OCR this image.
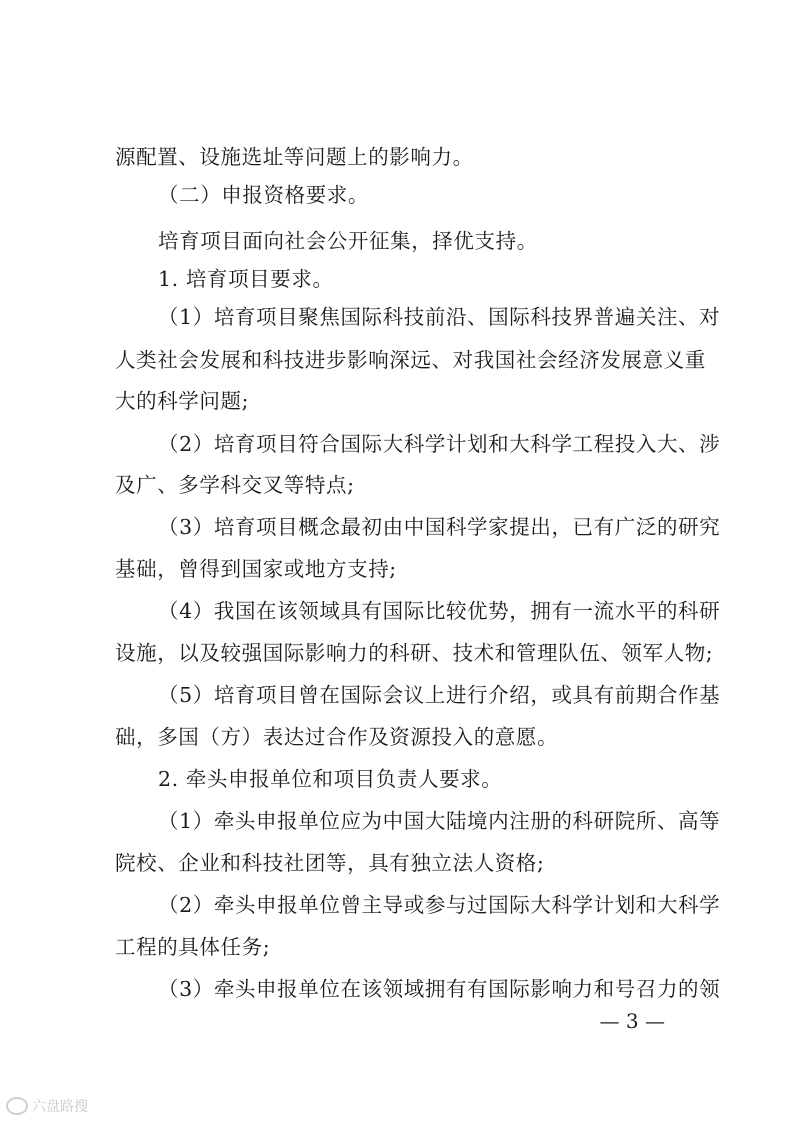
源配置、设施选址等问题上的影响力。
（二）申报资格要求。
培育项目面向社会公开征集，择优支持。
1. 培育项目要求。
（1）培育项目聚焦国际科技前沿、国际科技界普遍关注、对
人类社会发展和科技进步影响深远、对我国社会经济发展意义重
大的科学问题;
（2）培育项目符合国际大科学计划和大科学工程投入大、涉
及广、多学科交叉等特点;
（3）培育项目概念最初由中国科学家提出，已有广泛的研究
基础，曾得到国家或地方支持;
（4）我国在该领域具有国际比较优势，拥有一流水平的科研
设施，以及较强国际影响力的科研、技术和管理队伍、领军人物;
（5）培育项目曾在国际会议上进行介绍，或具有前期合作基
础，多国（方）表达过合作及资源投入的意愿。
2. 牵头申报单位和项目负责人要求。
（1）牵头申报单位应为中国大陆境内注册的科研院所、高等
院校、企业和科技社团等，具有独立法人资格;
（2）牵头申报单位曾主导或参与过国际大科学计划和大科学
工程的具体任务;
（3）牵头申报单位在该领域拥有有国际影响力和号召力的领
— 3 —
六盘路搜
